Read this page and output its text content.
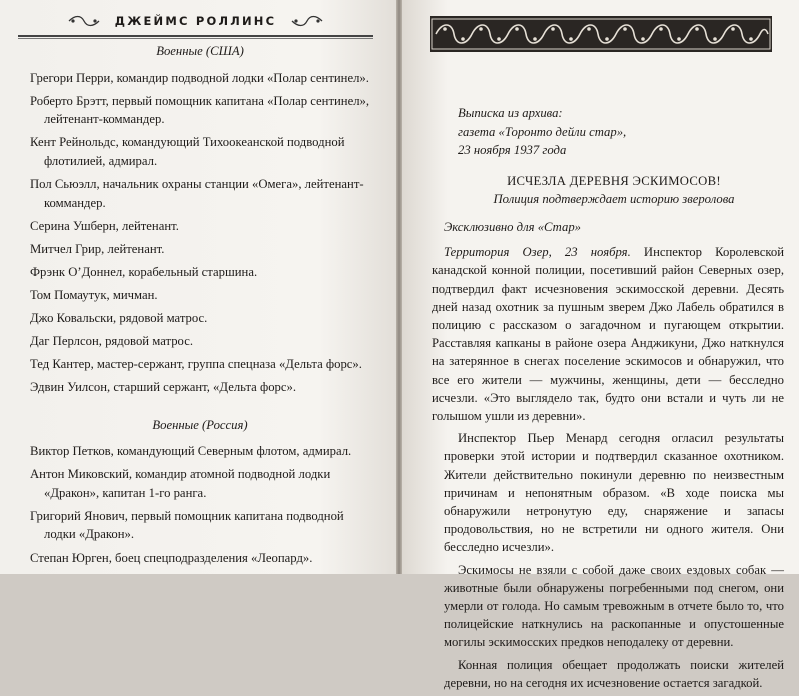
ДЖЕЙМС РОЛЛИНС
Военные (США)
Грегори Перри, командир подводной лодки «Полар сентинел».
Роберто Брэтт, первый помощник капитана «Полар сентинел», лейтенант-коммандер.
Кент Рейнольдс, командующий Тихоокеанской подводной флотилией, адмирал.
Пол Сьюэлл, начальник охраны станции «Омега», лейтенант-коммандер.
Серина Ушберн, лейтенант.
Митчел Грир, лейтенант.
Фрэнк О’Доннел, корабельный старшина.
Том Помаутук, мичман.
Джо Ковальски, рядовой матрос.
Даг Перлсон, рядовой матрос.
Тед Кантер, мастер-сержант, группа спецназа «Дельта форс».
Эдвин Уилсон, старший сержант, «Дельта форс».
Военные (Россия)
Виктор Петков, командующий Северным флотом, адмирал.
Антон Миковский, командир атомной подводной лодки «Дракон», капитан 1-го ранга.
Григорий Янович, первый помощник капитана подводной лодки «Дракон».
Степан Юрген, боец спецподразделения «Леопард».
Выписка из архива:
газета «Торонто дейли стар»,
23 ноября 1937 года
ИСЧЕЗЛА ДЕРЕВНЯ ЭСКИМОСОВ!
Полиция подтверждает историю зверолова
Эксклюзивно для «Стар»

Территория Озер, 23 ноября. Инспектор Королевской канадской конной полиции, посетивший район Северных озер, подтвердил факт исчезновения эскимосской деревни. Десять дней назад охотник за пушным зверем Джо Лабель обратился в полицию с рассказом о загадочном и пугающем открытии. Расставляя капканы в районе озера Анджикуни, Джо наткнулся на затерянное в снегах поселение эскимосов и обнаружил, что все его жители — мужчины, женщины, дети — бесследно исчезли. «Это выглядело так, будто они встали и чуть ли не голышом ушли из деревни».

Инспектор Пьер Менард сегодня огласил результаты проверки этой истории и подтвердил сказанное охотником. Жители действительно покинули деревню по неизвестным причинам и непонятным образом. «В ходе поиска мы обнаружили нетронутую еду, снаряжение и запасы продовольствия, но не встретили ни одного жителя. Они бесследно исчезли».

Эскимосы не взяли с собой даже своих ездовых собак — животные были обнаружены погребенными под снегом, они умерли от голода. Но самым тревожным в отчете было то, что полицейские наткнулись на раскопанные и опустошенные могилы эскимосских предков неподалеку от деревни.

Конная полиция обещает продолжать поиски жителей деревни, но на сегодня их исчезновение остается загадкой.
